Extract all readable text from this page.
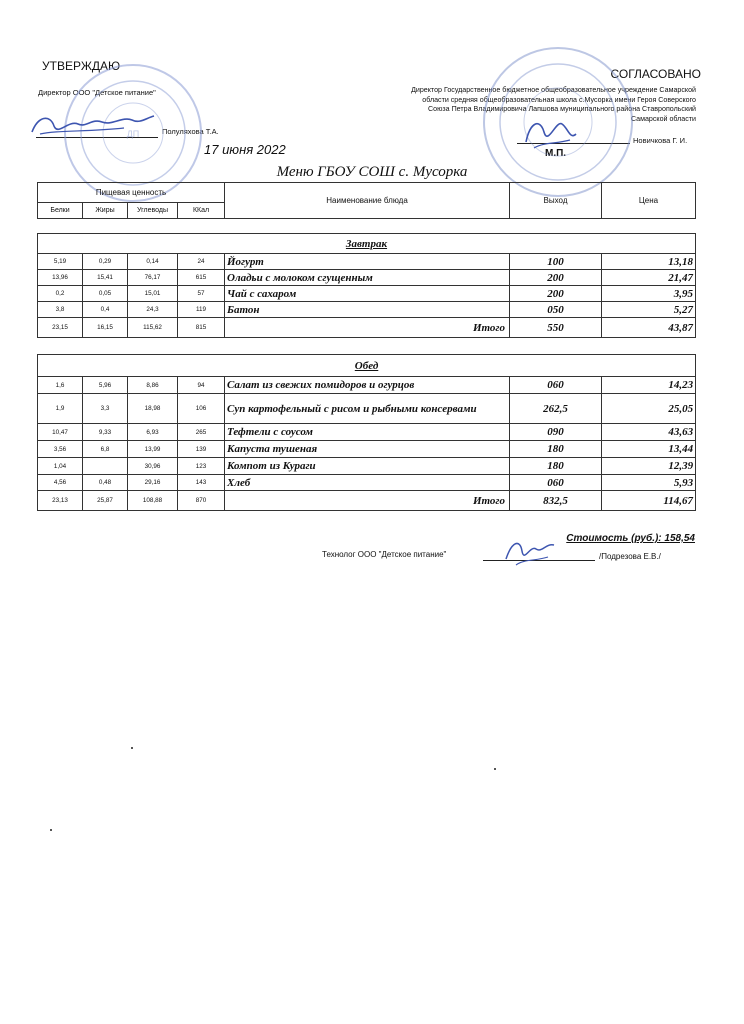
УТВЕРЖДАЮ
Директор ООО "Детское питание"
Полуляхова Т.А.
17 июня 2022
ДП
СОГЛАСОВАНО
Директор Государственное бюджетное общеобразовательное учреждение Самарской области средняя общеобразовательная школа с.Мусорка имени Героя Соверского Союза Петра Владимировича Лапшова муниципального района Ставропольский Самарской области
Новичкова Г. И.
М.П.
Меню ГБОУ СОШ с. Мусорка
Пищевая ценность				Наименование блюда	Выход	Цена
Белки	Жиры	Углеводы	ККал			
Завтрак						
5,19	0,29	0,14	24	Йогурт	100	13,18
13,96	15,41	76,17	615	Оладьи с молоком сгущенным	200	21,47
0,2	0,05	15,01	57	Чай с сахаром	200	3,95
3,8	0,4	24,3	119	Батон	050	5,27
23,15	16,15	115,62	815	Итого	550	43,87
Обед						
1,6	5,96	8,86	94	Салат из свежих помидоров и огурцов	060	14,23
1,9	3,3	18,98	106	Суп картофельный с рисом и рыбными консервами	262,5	25,05
10,47	9,33	6,93	265	Тефтели с соусом	090	43,63
3,56	6,8	13,99	139	Капуста тушеная	180	13,44
1,04		30,96	123	Компот из Кураги	180	12,39
4,56	0,48	29,16	143	Хлеб	060	5,93
23,13	25,87	108,88	870	Итого	832,5	114,67
Стоимость (руб.): 158,54
Технолог ООО "Детское питание"	/Подрезова Е.В./
